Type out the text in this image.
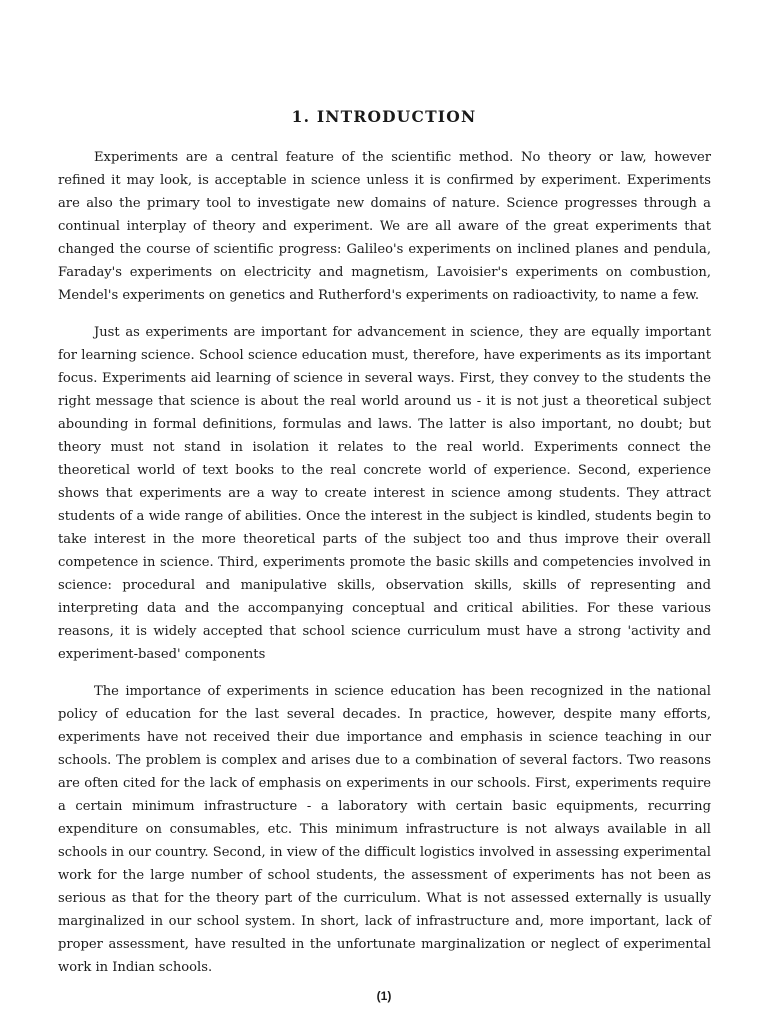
1. INTRODUCTION

Experiments are a central feature of the scientific method. No theory or law, however refined it may look, is acceptable in science unless it is confirmed by experiment. Experiments are also the primary tool to investigate new domains of nature. Science progresses through a continual interplay of theory and experiment. We are all aware of the great experiments that changed the course of scientific progress: Galileo's experiments on inclined planes and pendula, Faraday's experiments on electricity and magnetism, Lavoisier's experiments on combustion, Mendel's experiments on genetics and Rutherford's experiments on radioactivity, to name a few.

Just as experiments are important for advancement in science, they are equally important for learning science. School science education must, therefore, have experiments as its important focus. Experiments aid learning of science in several ways. First, they convey to the students the right message that science is about the real world around us - it is not just a theoretical subject abounding in formal definitions, formulas and laws. The latter is also important, no doubt; but theory must not stand in isolation it relates to the real world. Experiments connect the theoretical world of text books to the real concrete world of experience. Second, experience shows that experiments are a way to create interest in science among students. They attract students of a wide range of abilities. Once the interest in the subject is kindled, students begin to take interest in the more theoretical parts of the subject too and thus improve their overall competence in science. Third, experiments promote the basic skills and competencies involved in science: procedural and manipulative skills, observation skills, skills of representing and interpreting data and the accompanying conceptual and critical abilities. For these various reasons, it is widely accepted that school science curriculum must have a strong 'activity and experiment-based' components

The importance of experiments in science education has been recognized in the national policy of education for the last several decades. In practice, however, despite many efforts, experiments have not received their due importance and emphasis in science teaching in our schools. The problem is complex and arises due to a combination of several factors. Two reasons are often cited for the lack of emphasis on experiments in our schools. First, experiments require a certain minimum infrastructure - a laboratory with certain basic equipments, recurring expenditure on consumables, etc. This minimum infrastructure is not always available in all schools in our country. Second, in view of the difficult logistics involved in assessing experimental work for the large number of school students, the assessment of experiments has not been as serious as that for the theory part of the curriculum. What is not assessed externally is usually marginalized in our school system. In short, lack of infrastructure and, more important, lack of proper assessment, have resulted in the unfortunate marginalization or neglect of experimental work in Indian schools.

(1)
